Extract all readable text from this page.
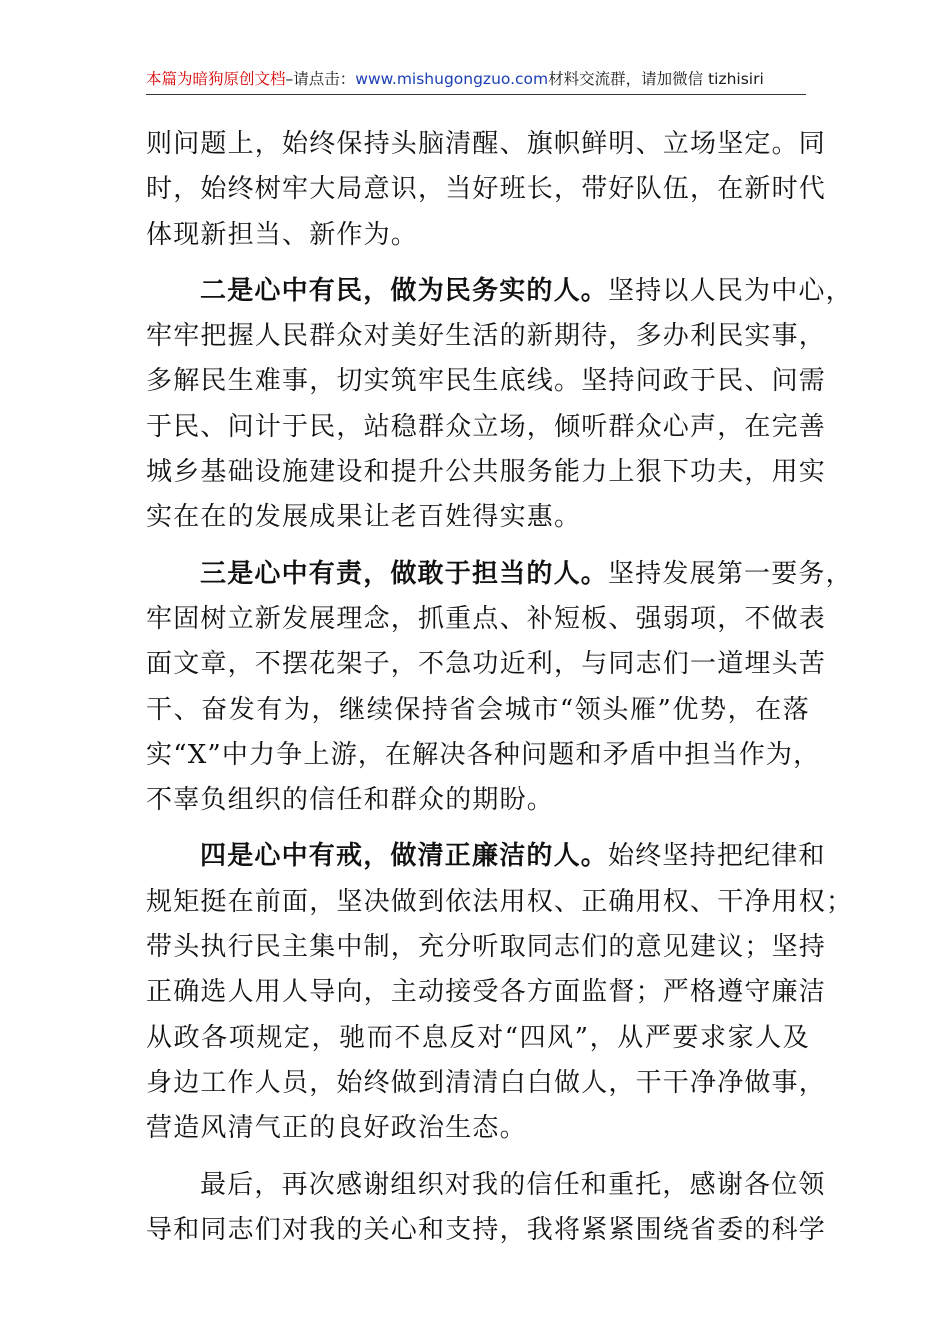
本篇为暗狗原创文档–请点击：www.mishugongzuo.com材料交流群，请加微信 tizhisiri
则问题上，始终保持头脑清醒、旗帜鲜明、立场坚定。同
时，始终树牢大局意识，当好班长，带好队伍，在新时代
体现新担当、新作为。
二是心中有民，做为民务实的人。坚持以人民为中心，
牢牢把握人民群众对美好生活的新期待，多办利民实事，
多解民生难事，切实筑牢民生底线。坚持问政于民、问需
于民、问计于民，站稳群众立场，倾听群众心声，在完善
城乡基础设施建设和提升公共服务能力上狠下功夫，用实
实在在的发展成果让老百姓得实惠。
三是心中有责，做敢于担当的人。坚持发展第一要务，
牢固树立新发展理念，抓重点、补短板、强弱项，不做表
面文章，不摆花架子，不急功近利，与同志们一道埋头苦
干、奋发有为，继续保持省会城市“领头雁”优势，在落
实“X”中力争上游，在解决各种问题和矛盾中担当作为，
不辜负组织的信任和群众的期盼。
四是心中有戒，做清正廉洁的人。始终坚持把纪律和
规矩挺在前面，坚决做到依法用权、正确用权、干净用权；
带头执行民主集中制，充分听取同志们的意见建议；坚持
正确选人用人导向，主动接受各方面监督；严格遵守廉洁
从政各项规定，驰而不息反对“四风”，从严要求家人及
身边工作人员，始终做到清清白白做人，干干净净做事，
营造风清气正的良好政治生态。
最后，再次感谢组织对我的信任和重托，感谢各位领
导和同志们对我的关心和支持，我将紧紧围绕省委的科学
